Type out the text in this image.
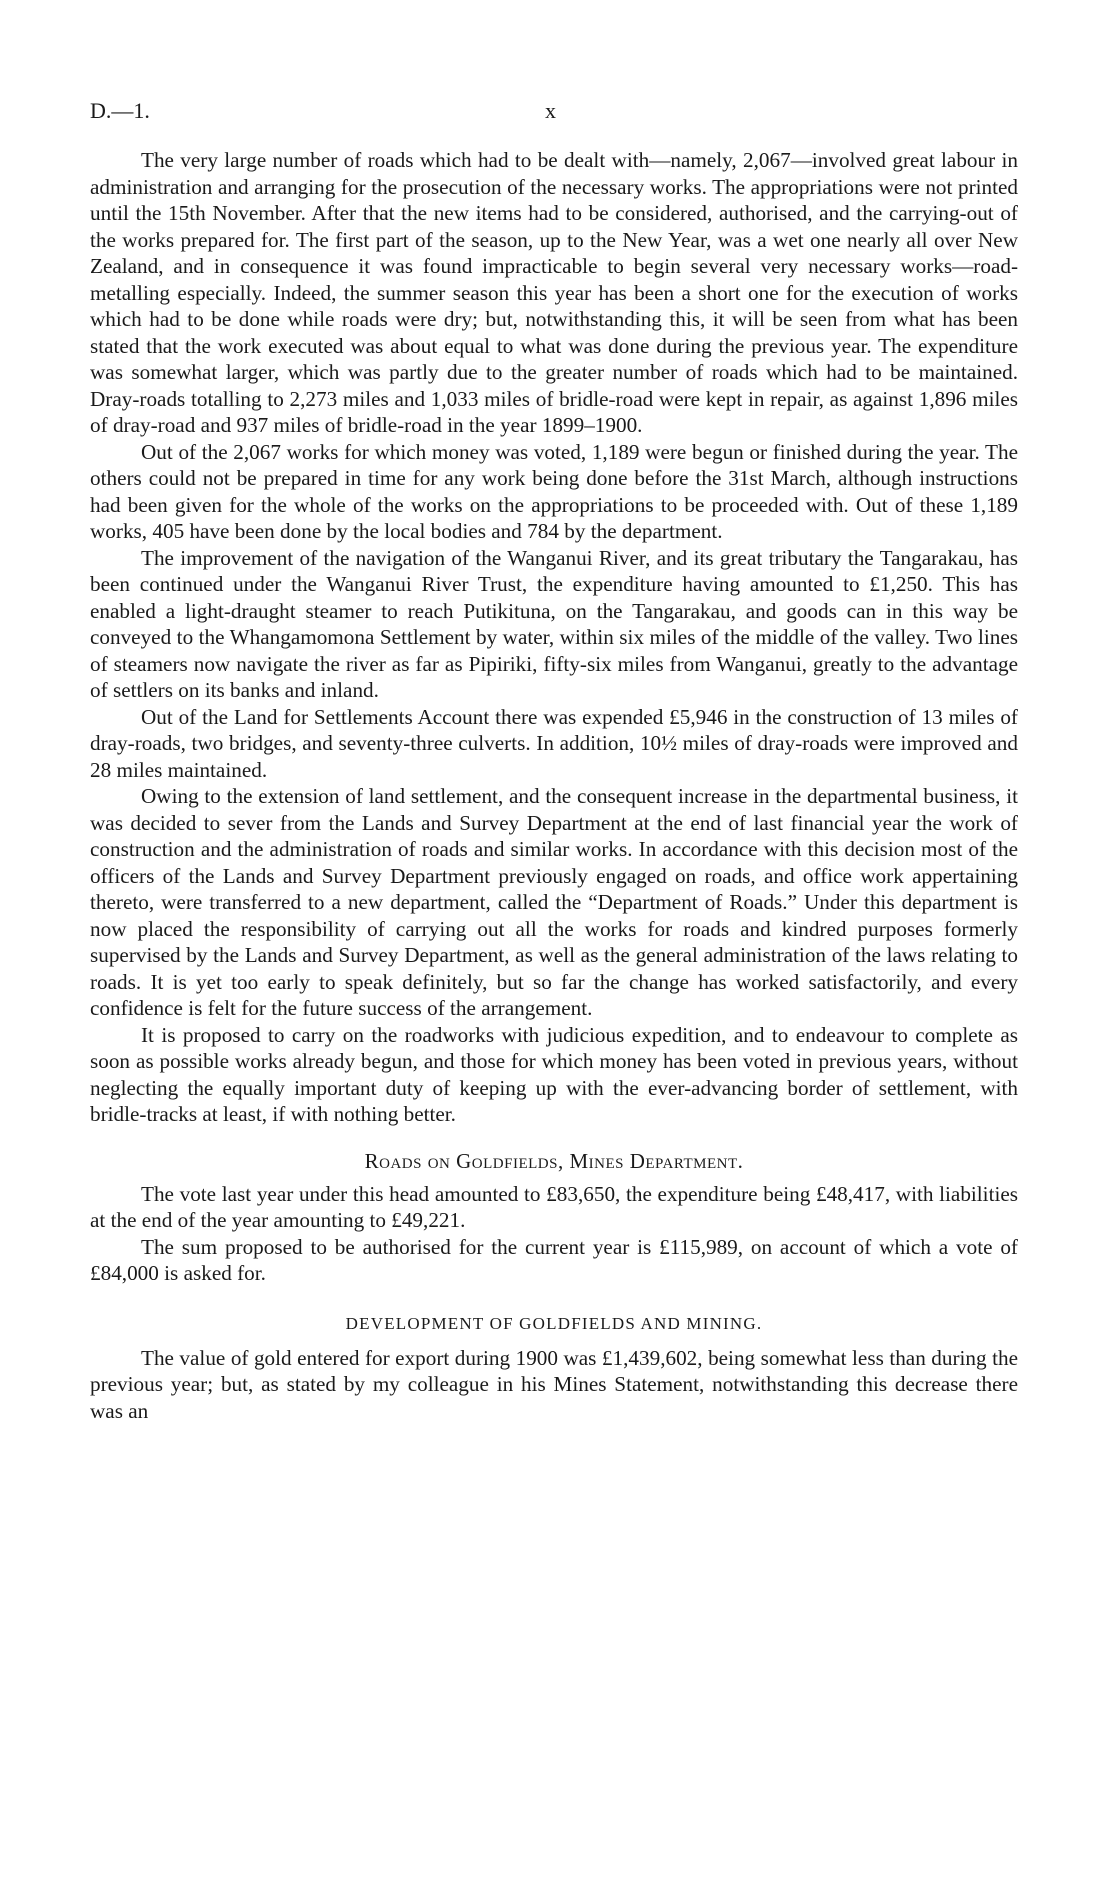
D.—1.	x

The very large number of roads which had to be dealt with—namely, 2,067—involved great labour in administration and arranging for the prosecution of the necessary works. The appropriations were not printed until the 15th November. After that the new items had to be considered, authorised, and the carrying-out of the works prepared for. The first part of the season, up to the New Year, was a wet one nearly all over New Zealand, and in consequence it was found impracticable to begin several very necessary works—road-metalling especially. Indeed, the summer season this year has been a short one for the execution of works which had to be done while roads were dry; but, notwithstanding this, it will be seen from what has been stated that the work executed was about equal to what was done during the previous year. The expenditure was somewhat larger, which was partly due to the greater number of roads which had to be maintained. Dray-roads totalling to 2,273 miles and 1,033 miles of bridle-road were kept in repair, as against 1,896 miles of dray-road and 937 miles of bridle-road in the year 1899–1900.

Out of the 2,067 works for which money was voted, 1,189 were begun or finished during the year. The others could not be prepared in time for any work being done before the 31st March, although instructions had been given for the whole of the works on the appropriations to be proceeded with. Out of these 1,189 works, 405 have been done by the local bodies and 784 by the department.

The improvement of the navigation of the Wanganui River, and its great tributary the Tangarakau, has been continued under the Wanganui River Trust, the expenditure having amounted to £1,250. This has enabled a light-draught steamer to reach Putikituna, on the Tangarakau, and goods can in this way be conveyed to the Whangamomona Settlement by water, within six miles of the middle of the valley. Two lines of steamers now navigate the river as far as Pipiriki, fifty-six miles from Wanganui, greatly to the advantage of settlers on its banks and inland.

Out of the Land for Settlements Account there was expended £5,946 in the construction of 13 miles of dray-roads, two bridges, and seventy-three culverts. In addition, 10½ miles of dray-roads were improved and 28 miles maintained.

Owing to the extension of land settlement, and the consequent increase in the departmental business, it was decided to sever from the Lands and Survey Department at the end of last financial year the work of construction and the administration of roads and similar works. In accordance with this decision most of the officers of the Lands and Survey Department previously engaged on roads, and office work appertaining thereto, were transferred to a new department, called the “Department of Roads.” Under this department is now placed the responsibility of carrying out all the works for roads and kindred purposes formerly supervised by the Lands and Survey Department, as well as the general administration of the laws relating to roads. It is yet too early to speak definitely, but so far the change has worked satisfactorily, and every confidence is felt for the future success of the arrangement.

It is proposed to carry on the roadworks with judicious expedition, and to endeavour to complete as soon as possible works already begun, and those for which money has been voted in previous years, without neglecting the equally important duty of keeping up with the ever-advancing border of settlement, with bridle-tracks at least, if with nothing better.

Roads on Goldfields, Mines Department.

The vote last year under this head amounted to £83,650, the expenditure being £48,417, with liabilities at the end of the year amounting to £49,221.

The sum proposed to be authorised for the current year is £115,989, on account of which a vote of £84,000 is asked for.

DEVELOPMENT OF GOLDFIELDS AND MINING.

The value of gold entered for export during 1900 was £1,439,602, being somewhat less than during the previous year; but, as stated by my colleague in his Mines Statement, notwithstanding this decrease there was an
